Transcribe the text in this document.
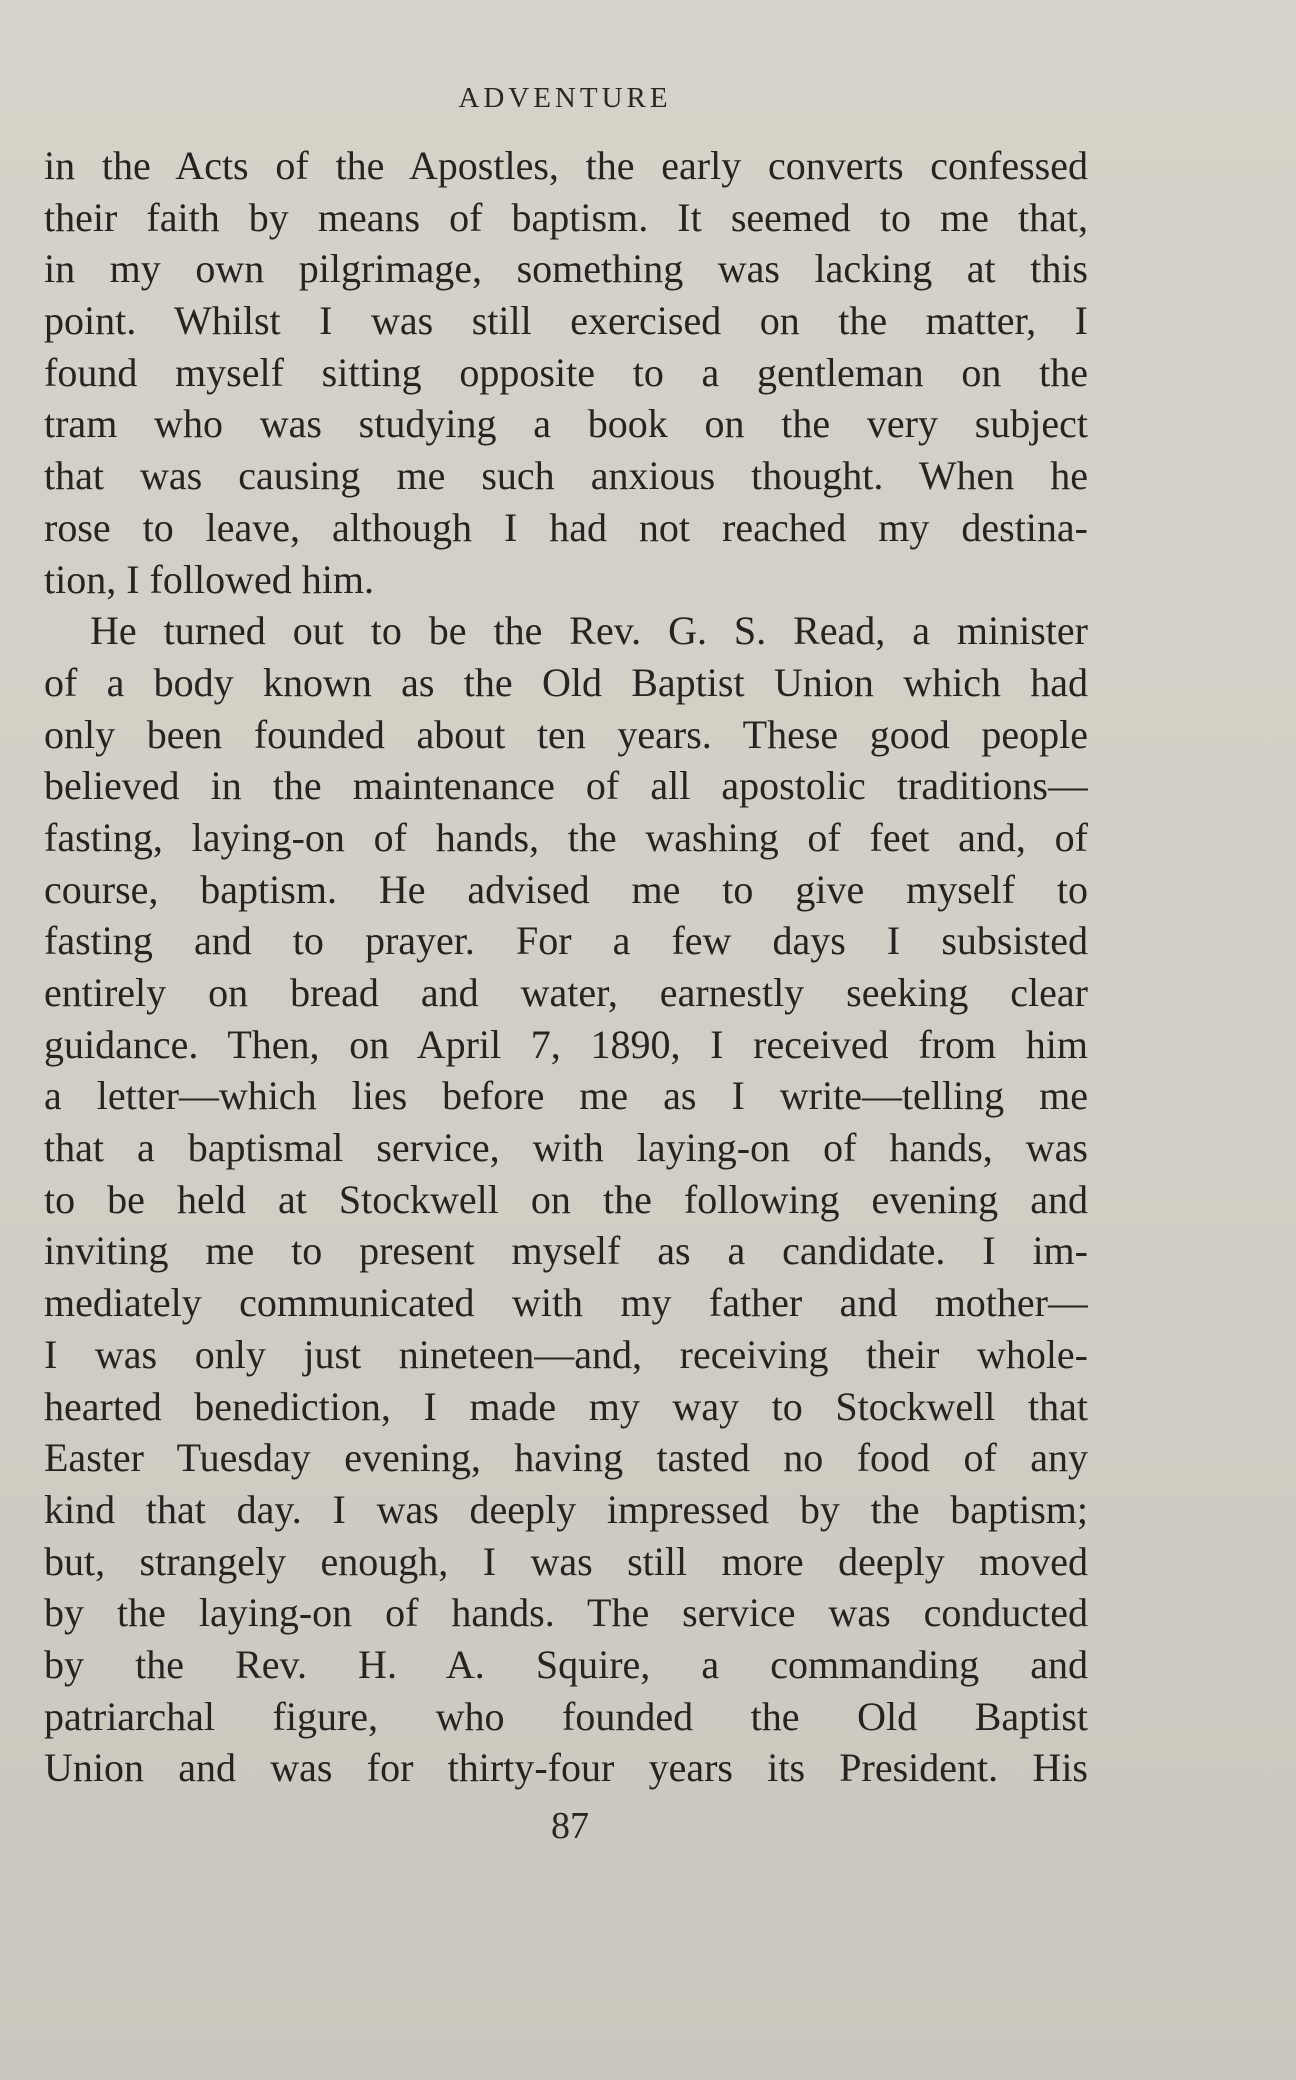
ADVENTURE
in the Acts of the Apostles, the early converts confessed
their faith by means of baptism. It seemed to me that,
in my own pilgrimage, something was lacking at this
point. Whilst I was still exercised on the matter, I
found myself sitting opposite to a gentleman on the
tram who was studying a book on the very subject
that was causing me such anxious thought. When he
rose to leave, although I had not reached my destina-
tion, I followed him.
He turned out to be the Rev. G. S. Read, a minister
of a body known as the Old Baptist Union which had
only been founded about ten years. These good people
believed in the maintenance of all apostolic traditions—
fasting, laying-on of hands, the washing of feet and, of
course, baptism. He advised me to give myself to
fasting and to prayer. For a few days I subsisted
entirely on bread and water, earnestly seeking clear
guidance. Then, on April 7, 1890, I received from him
a letter—which lies before me as I write—telling me
that a baptismal service, with laying-on of hands, was
to be held at Stockwell on the following evening and
inviting me to present myself as a candidate. I im-
mediately communicated with my father and mother—
I was only just nineteen—and, receiving their whole-
hearted benediction, I made my way to Stockwell that
Easter Tuesday evening, having tasted no food of any
kind that day. I was deeply impressed by the baptism;
but, strangely enough, I was still more deeply moved
by the laying-on of hands. The service was conducted
by the Rev. H. A. Squire, a commanding and
patriarchal figure, who founded the Old Baptist
Union and was for thirty-four years its President. His
87
